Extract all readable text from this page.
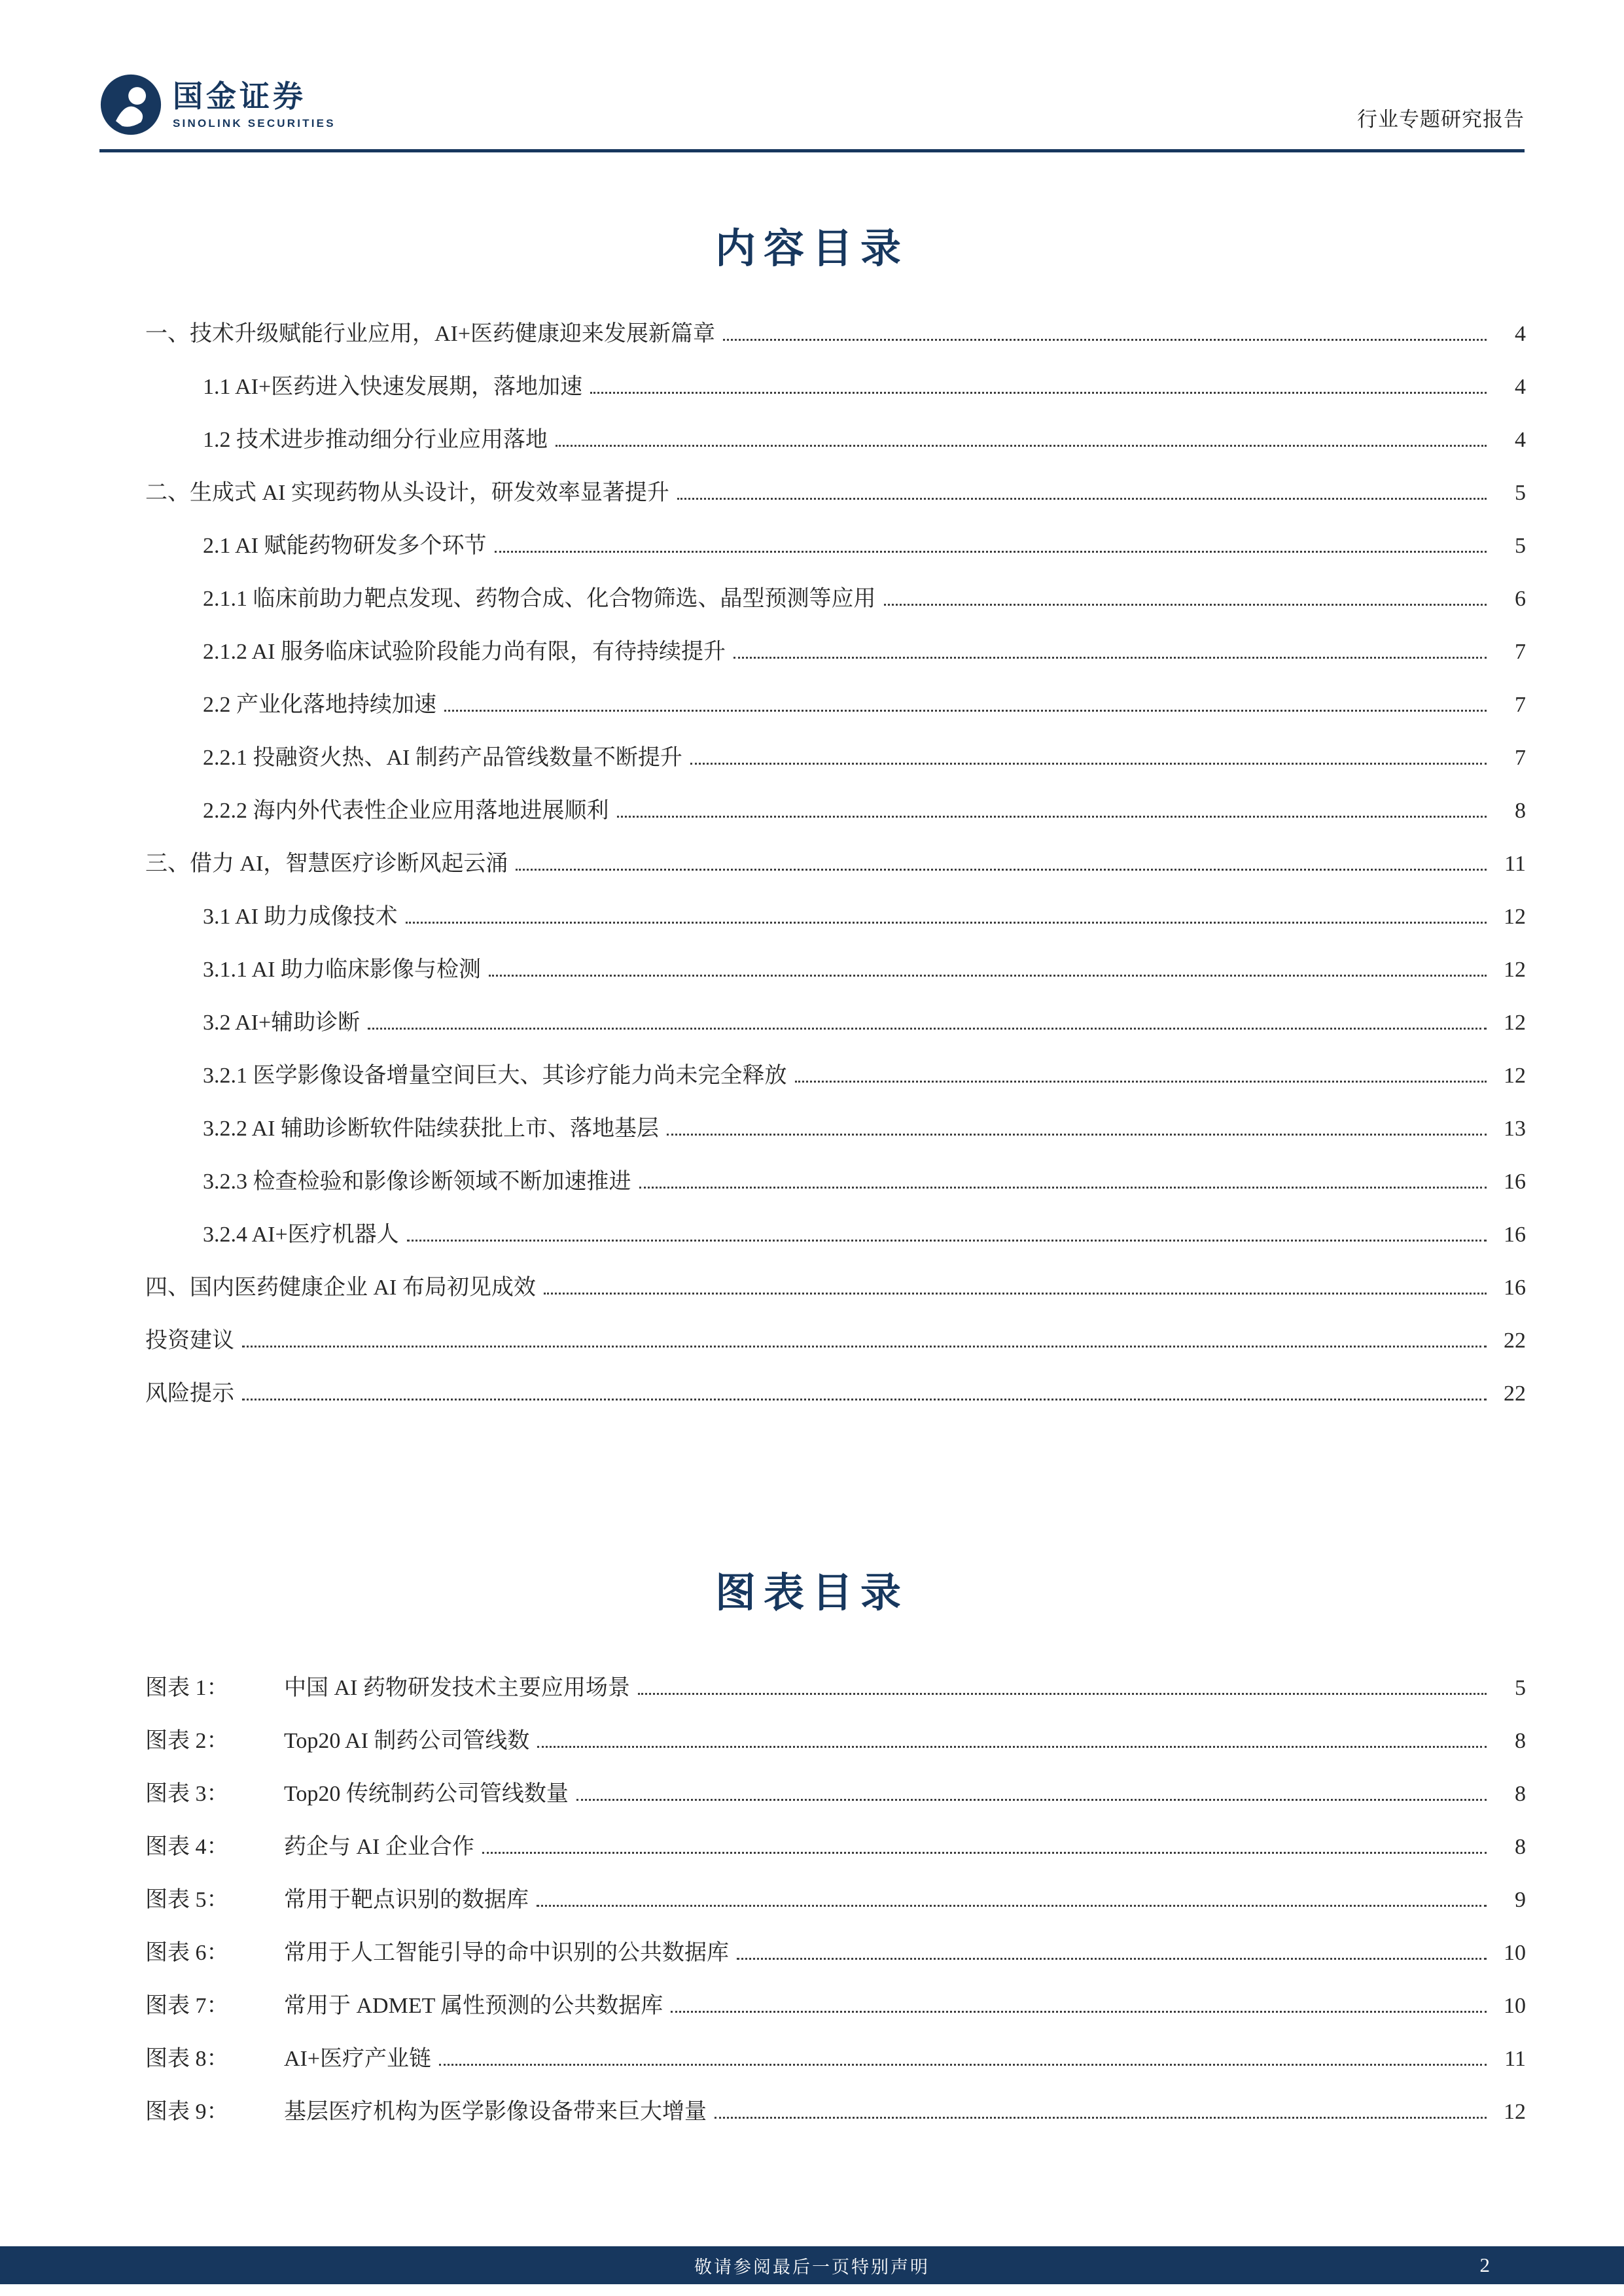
国金证券
SINOLINK SECURITIES	行业专题研究报告
内容目录
一、技术升级赋能行业应用，AI+医药健康迎来发展新篇章	4
1.1 AI+医药进入快速发展期，落地加速	4
1.2 技术进步推动细分行业应用落地	4
二、生成式 AI 实现药物从头设计，研发效率显著提升	5
2.1 AI 赋能药物研发多个环节	5
2.1.1 临床前助力靶点发现、药物合成、化合物筛选、晶型预测等应用	6
2.1.2 AI 服务临床试验阶段能力尚有限，有待持续提升	7
2.2 产业化落地持续加速	7
2.2.1 投融资火热、AI 制药产品管线数量不断提升	7
2.2.2 海内外代表性企业应用落地进展顺利	8
三、借力 AI，智慧医疗诊断风起云涌	11
3.1 AI 助力成像技术	12
3.1.1 AI 助力临床影像与检测	12
3.2 AI+辅助诊断	12
3.2.1 医学影像设备增量空间巨大、其诊疗能力尚未完全释放	12
3.2.2 AI 辅助诊断软件陆续获批上市、落地基层	13
3.2.3 检查检验和影像诊断领域不断加速推进	16
3.2.4 AI+医疗机器人	16
四、国内医药健康企业 AI 布局初见成效	16
投资建议	22
风险提示	22
图表目录
图表 1：	中国 AI 药物研发技术主要应用场景	5
图表 2：	Top20 AI 制药公司管线数	8
图表 3：	Top20 传统制药公司管线数量	8
图表 4：	药企与 AI 企业合作	8
图表 5：	常用于靶点识别的数据库	9
图表 6：	常用于人工智能引导的命中识别的公共数据库	10
图表 7：	常用于 ADMET 属性预测的公共数据库	10
图表 8：	AI+医疗产业链	11
图表 9：	基层医疗机构为医学影像设备带来巨大增量	12
敬请参阅最后一页特别声明	2
